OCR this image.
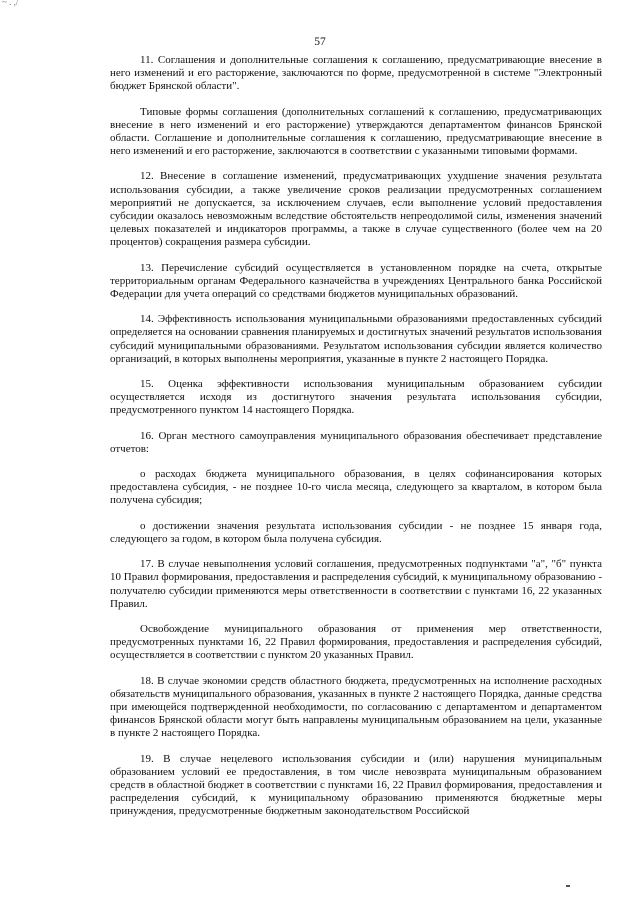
~ . ,/
57

11. Соглашения и дополнительные соглашения к соглашению, предусматривающие внесение в него изменений и его расторжение, заключаются по форме, предусмотренной в системе "Электронный бюджет Брянской области".

Типовые формы соглашения (дополнительных соглашений к соглашению, предусматривающих внесение в него изменений и его расторжение) утверждаются департаментом финансов Брянской области. Соглашение и дополнительные соглашения к соглашению, предусматривающие внесение в него изменений и его расторжение, заключаются в соответствии с указанными типовыми формами.

12. Внесение в соглашение изменений, предусматривающих ухудшение значения результата использования субсидии, а также увеличение сроков реализации предусмотренных соглашением мероприятий не допускается, за исключением случаев, если выполнение условий предоставления субсидии оказалось невозможным вследствие обстоятельств непреодолимой силы, изменения значений целевых показателей и индикаторов программы, а также в случае существенного (более чем на 20 процентов) сокращения размера субсидии.

13. Перечисление субсидий осуществляется в установленном порядке на счета, открытые территориальным органам Федерального казначейства в учреждениях Центрального банка Российской Федерации для учета операций со средствами бюджетов муниципальных образований.

14. Эффективность использования муниципальными образованиями предоставленных субсидий определяется на основании сравнения планируемых и достигнутых значений результатов использования субсидий муниципальными образованиями. Результатом использования субсидии является количество организаций, в которых выполнены мероприятия, указанные в пункте 2 настоящего Порядка.

15. Оценка эффективности использования муниципальным образованием субсидии осуществляется исходя из достигнутого значения результата использования субсидии, предусмотренного пунктом 14 настоящего Порядка.

16. Орган местного самоуправления муниципального образования обеспечивает представление отчетов:

о расходах бюджета муниципального образования, в целях софинансирования которых предоставлена субсидия, - не позднее 10-го числа месяца, следующего за кварталом, в котором была получена субсидия;

о достижении значения результата использования субсидии - не позднее 15 января года, следующего за годом, в котором была получена субсидия.

17. В случае невыполнения условий соглашения, предусмотренных подпунктами "а", "б" пункта 10 Правил формирования, предоставления и распределения субсидий, к муниципальному образованию - получателю субсидии применяются меры ответственности в соответствии с пунктами 16, 22 указанных Правил.

Освобождение муниципального образования от применения мер ответственности, предусмотренных пунктами 16, 22 Правил формирования, предоставления и распределения субсидий, осуществляется в соответствии с пунктом 20 указанных Правил.

18. В случае экономии средств областного бюджета, предусмотренных на исполнение расходных обязательств муниципального образования, указанных в пункте 2 настоящего Порядка, данные средства при имеющейся подтвержденной необходимости, по согласованию с департаментом и департаментом финансов Брянской области могут быть направлены муниципальным образованием на цели, указанные в пункте 2 настоящего Порядка.

19. В случае нецелевого использования субсидии и (или) нарушения муниципальным образованием условий ее предоставления, в том числе невозврата муниципальным образованием средств в областной бюджет в соответствии с пунктами 16, 22 Правил формирования, предоставления и распределения субсидий, к муниципальному образованию применяются бюджетные меры принуждения, предусмотренные бюджетным законодательством Российской
